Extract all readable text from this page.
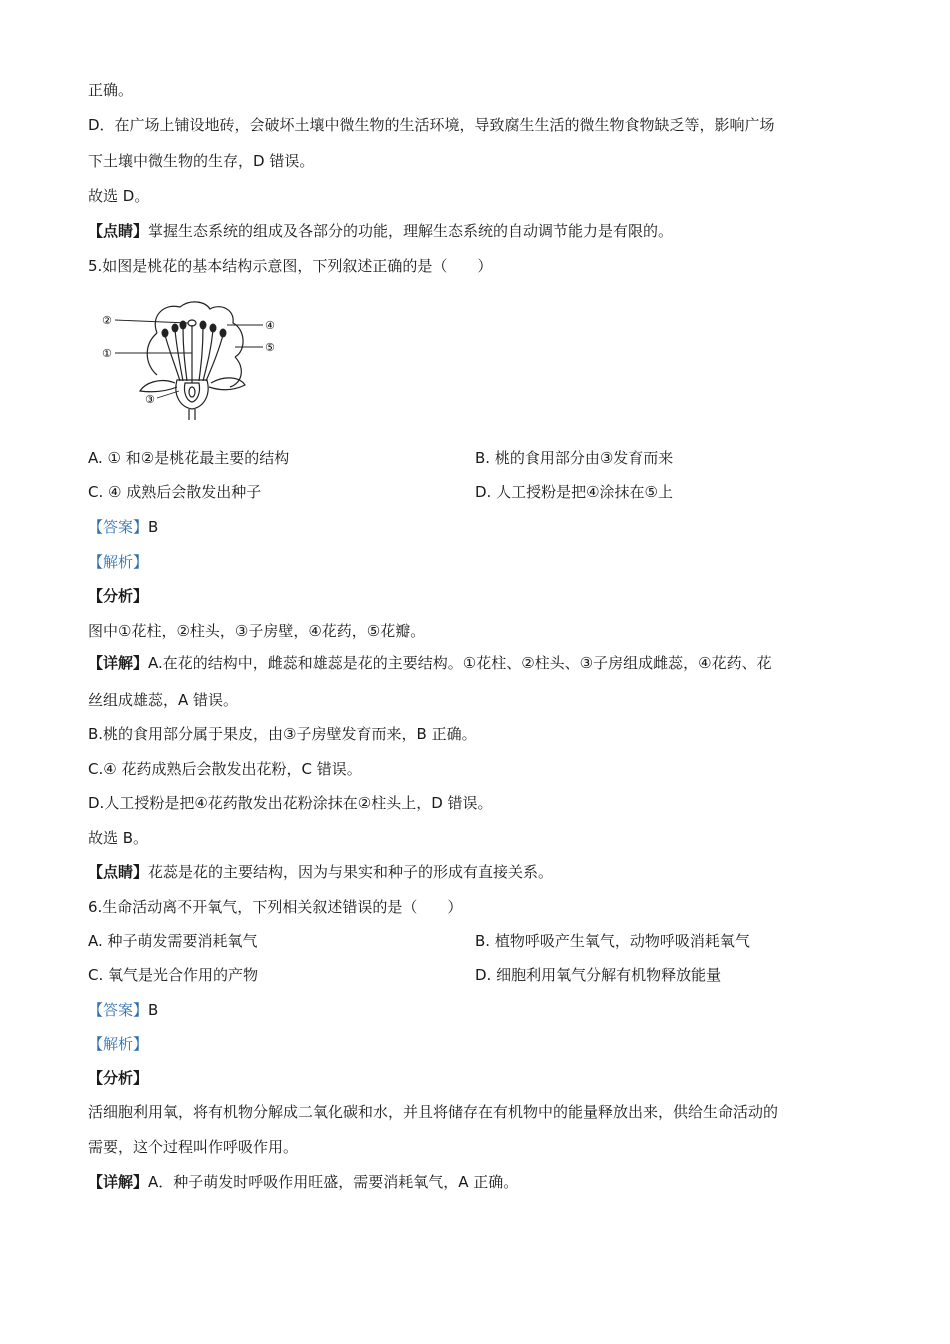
正确。
D．在广场上铺设地砖，会破坏土壤中微生物的生活环境，导致腐生生活的微生物食物缺乏等，影响广场
下土壤中微生物的生存，D 错误。
故选 D。
【点睛】掌握生态系统的组成及各部分的功能，理解生态系统的自动调节能力是有限的。
5.如图是桃花的基本结构示意图，下列叙述正确的是（　　）
②
①
③
④
⑤
A. ① 和②是桃花最主要的结构	B. 桃的食用部分由③发育而来
C. ④ 成熟后会散发出种子	D. 人工授粉是把④涂抹在⑤上
【答案】B
【解析】
【分析】
图中①花柱，②柱头，③子房壁，④花药，⑤花瓣。
【详解】A.在花的结构中，雌蕊和雄蕊是花的主要结构。①花柱、②柱头、③子房组成雌蕊，④花药、花
丝组成雄蕊，A 错误。
B.桃的食用部分属于果皮，由③子房壁发育而来，B 正确。
C.④ 花药成熟后会散发出花粉，C 错误。
D.人工授粉是把④花药散发出花粉涂抹在②柱头上，D 错误。
故选 B。
【点睛】花蕊是花的主要结构，因为与果实和种子的形成有直接关系。
6.生命活动离不开氧气，下列相关叙述错误的是（　　）
A. 种子萌发需要消耗氧气	B. 植物呼吸产生氧气，动物呼吸消耗氧气
C. 氧气是光合作用的产物	D. 细胞利用氧气分解有机物释放能量
【答案】B
【解析】
【分析】
活细胞利用氧，将有机物分解成二氧化碳和水，并且将储存在有机物中的能量释放出来，供给生命活动的
需要，这个过程叫作呼吸作用。
【详解】A．种子萌发时呼吸作用旺盛，需要消耗氧气，A 正确。
